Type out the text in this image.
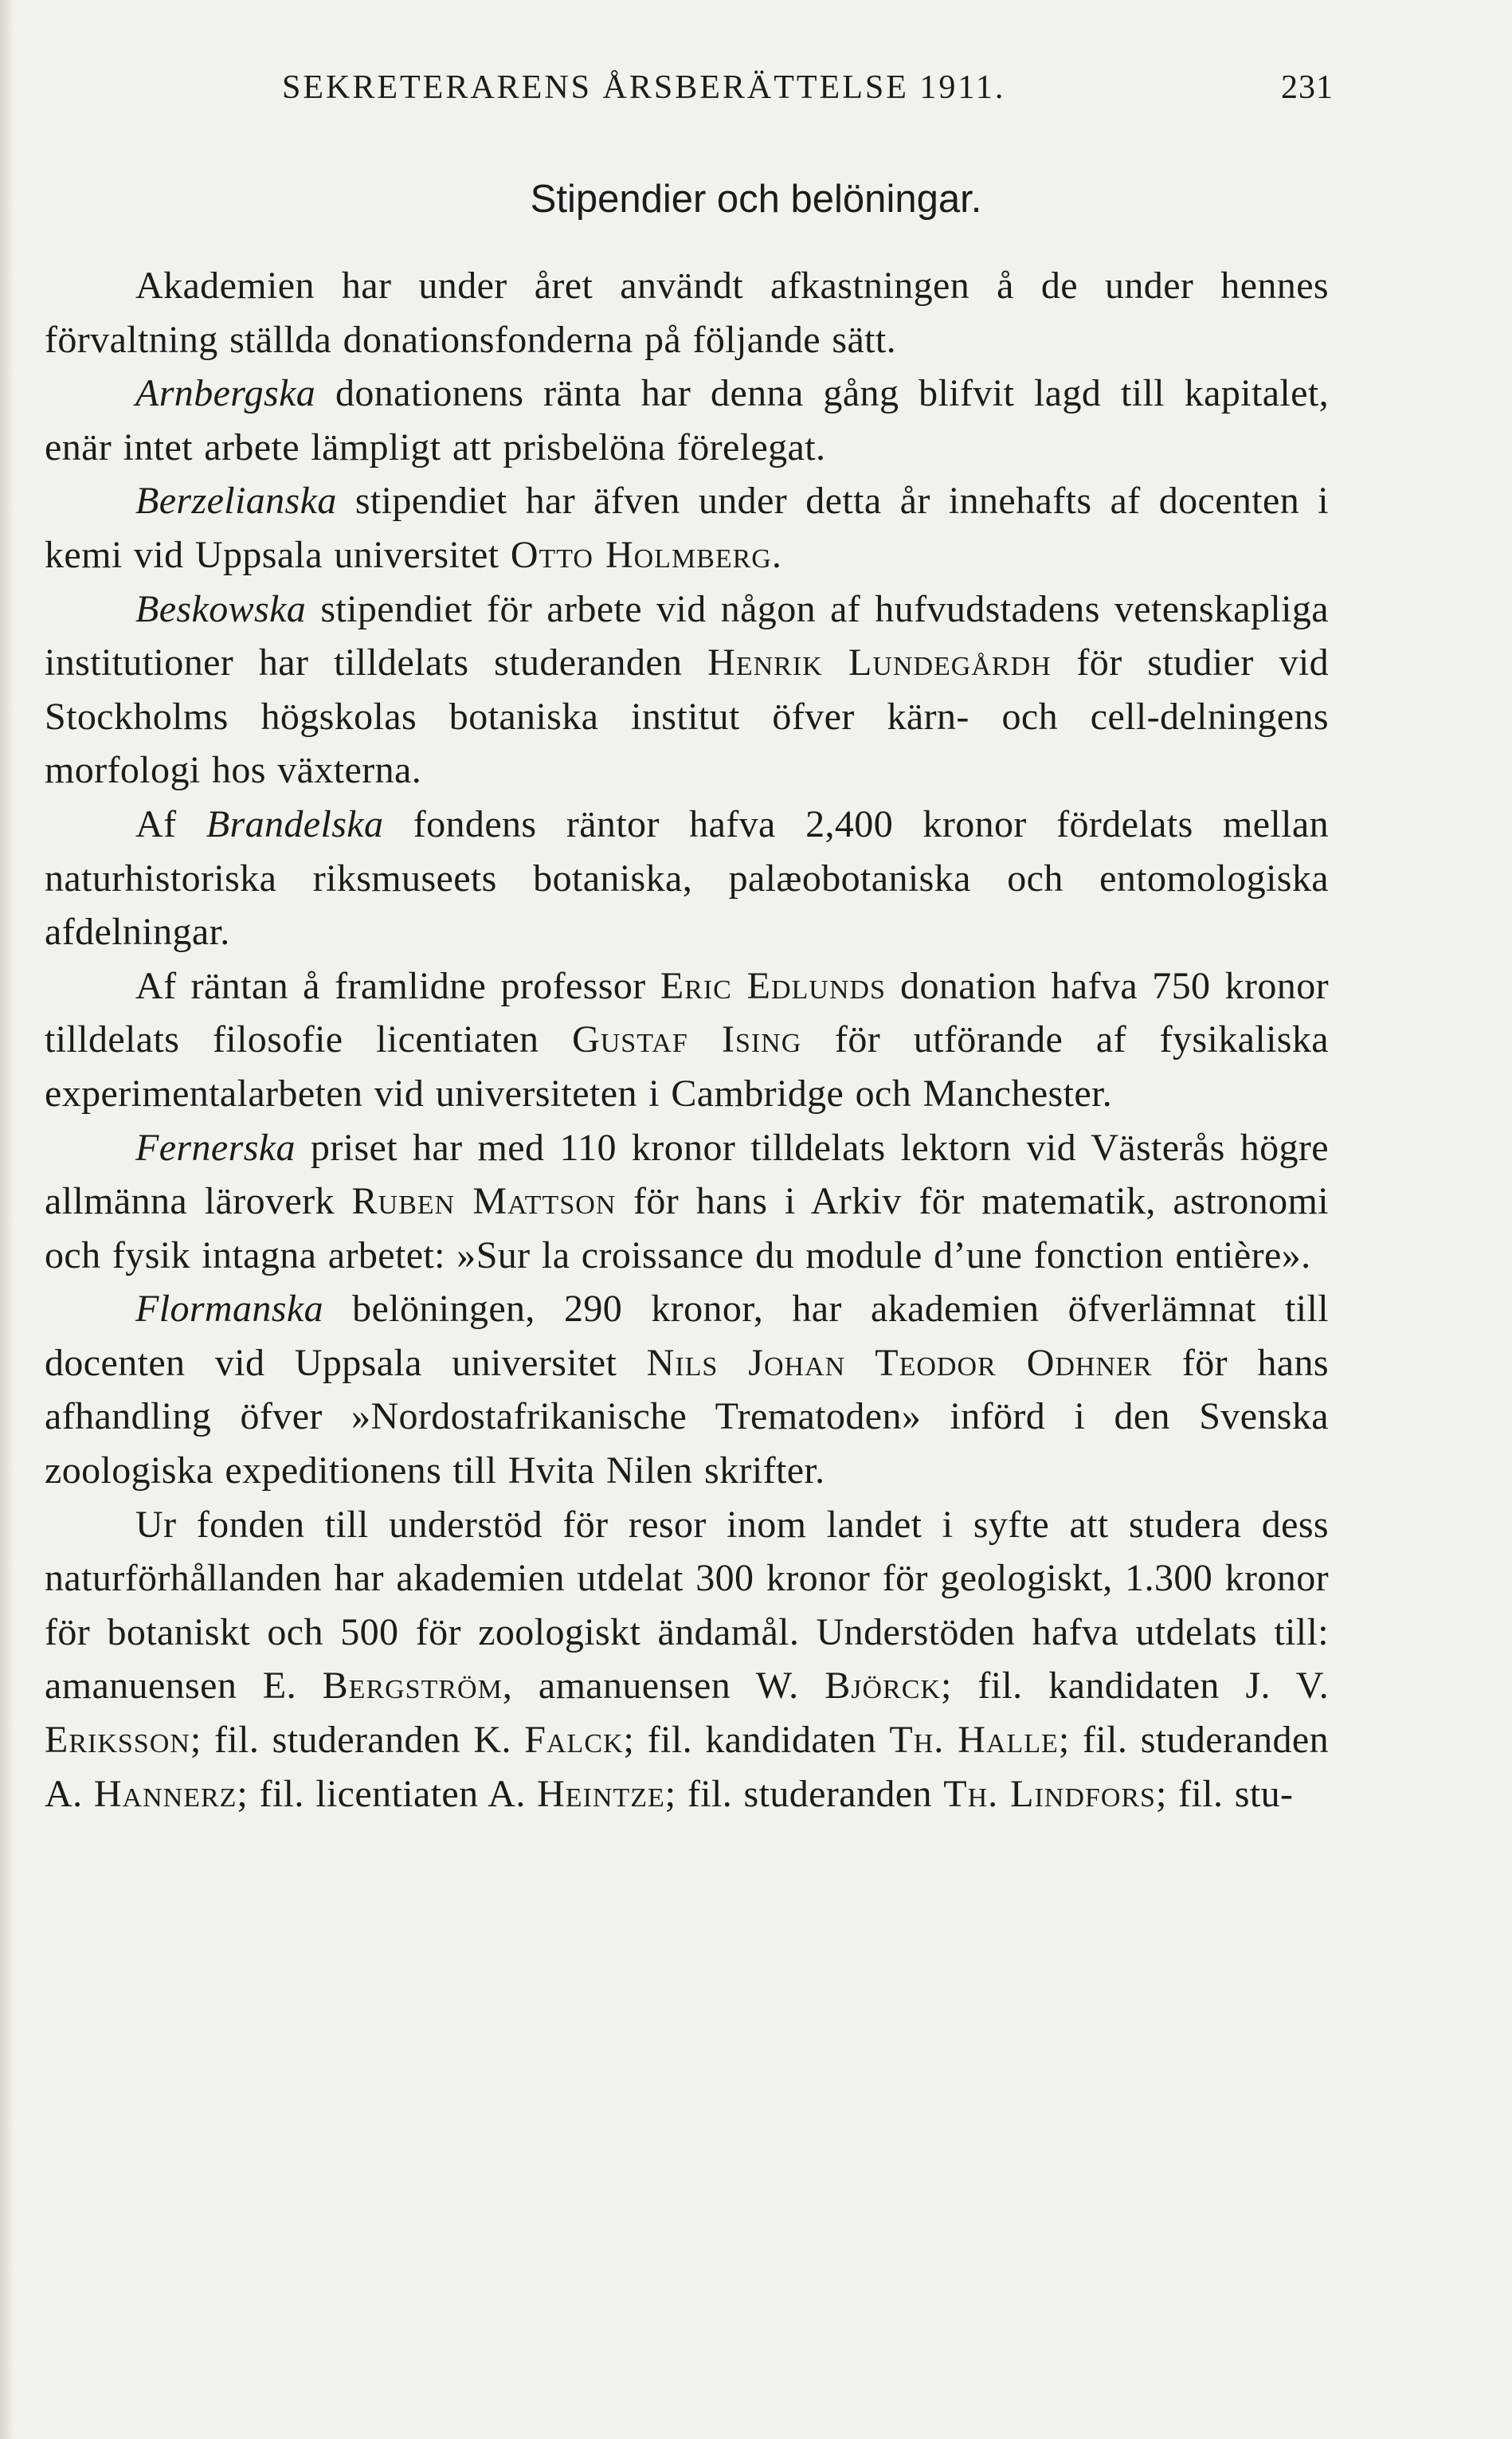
SEKRETERARENS ÅRSBERÄTTELSE 1911.	231
Stipendier och belöningar.

Akademien har under året användt afkastningen å de under hennes förvaltning ställda donationsfonderna på följande sätt.

Arnbergska donationens ränta har denna gång blifvit lagd till kapitalet, enär intet arbete lämpligt att prisbelöna förelegat.

Berzelianska stipendiet har äfven under detta år innehafts af docenten i kemi vid Uppsala universitet Otto Holmberg.

Beskowska stipendiet för arbete vid någon af hufvudstadens vetenskapliga institutioner har tilldelats studeranden Henrik Lundegårdh för studier vid Stockholms högskolas botaniska institut öfver kärn- och cell-delningens morfologi hos växterna.

Af Brandelska fondens räntor hafva 2,400 kronor fördelats mellan naturhistoriska riksmuseets botaniska, palæobotaniska och entomologiska afdelningar.

Af räntan å framlidne professor Eric Edlunds donation hafva 750 kronor tilldelats filosofie licentiaten Gustaf Ising för utförande af fysikaliska experimentalarbeten vid universiteten i Cambridge och Manchester.

Fernerska priset har med 110 kronor tilldelats lektorn vid Västerås högre allmänna läroverk Ruben Mattson för hans i Arkiv för matematik, astronomi och fysik intagna arbetet: »Sur la croissance du module d’une fonction entière».

Flormanska belöningen, 290 kronor, har akademien öfverlämnat till docenten vid Uppsala universitet Nils Johan Teodor Odhner för hans afhandling öfver »Nordostafrikanische Trematoden» införd i den Svenska zoologiska expeditionens till Hvita Nilen skrifter.

Ur fonden till understöd för resor inom landet i syfte att studera dess naturförhållanden har akademien utdelat 300 kronor för geologiskt, 1.300 kronor för botaniskt och 500 för zoologiskt ändamål. Understöden hafva utdelats till: amanuensen E. Bergström, amanuensen W. Björck; fil. kandidaten J. V. Eriksson; fil. studeranden K. Falck; fil. kandidaten Th. Halle; fil. studeranden A. Hannerz; fil. licentiaten A. Heintze; fil. studeranden Th. Lindfors; fil. stu-
